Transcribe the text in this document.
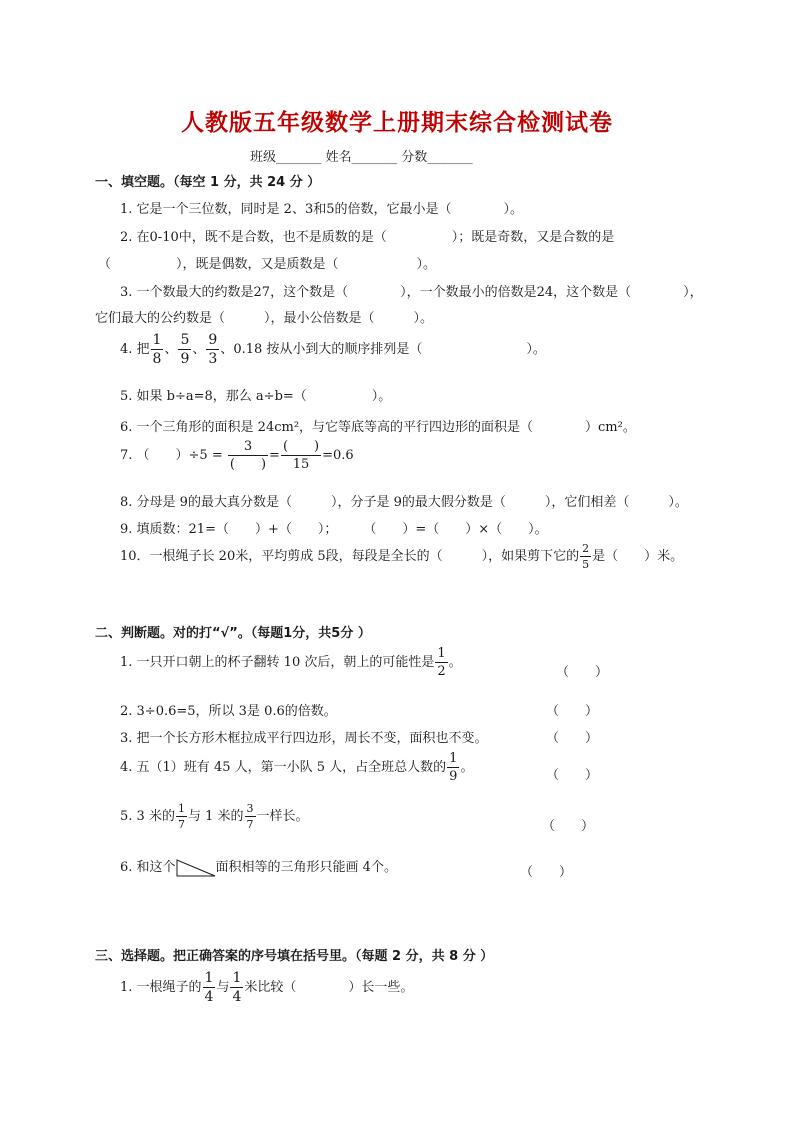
人教版五年级数学上册期末综合检测试卷
班级_______ 姓名_______ 分数_______
一、填空题。（每空 1 分，共 24 分 ）
1. 它是一个三位数，同时是 2、3和5的倍数，它最小是（　　　　）。
2. 在0-10中，既不是合数，也不是质数的是（　　　　　）；既是奇数，又是合数的是
（　　　　　），既是偶数，又是质数是（　　　　　　）。
3. 一个数最大的约数是27，这个数是（　　　　），一个数最小的倍数是24，这个数是（　　　　），
它们最大的公约数是（　　　），最小公倍数是（　　　）。
4. 把 $\frac{1}{8}$ 、 $\frac{5}{9}$ 、 $\frac{9}{3}$ 、0.18 按从小到大的顺序排列是（　　　　　　　　）。
5. 如果 b÷a=8，那么 a÷b=（　　　　　）。
6. 一个三角形的面积是 24cm²，与它等底等高的平行四边形的面积是（　　　　）cm²。
7. （　　）$\div 5 = \frac{3}{( )} = \frac{( )}{15} =0.6$
8. 分母是 9的最大真分数是（　　　），分子是 9的最大假分数是（　　　），它们相差（　　　）。
9. 填质数：21=（　　）+（　　）；　　　（　　）=（　　）×（　　）。
10．一根绳子长 20米，平均剪成 5段，每段是全长的（　　　），如果剪下它的 $\frac{2}{5}$ 是（　　）米。
二、判断题。对的打“√”。（每题1分，共5分 ）
1. 一只开口朝上的杯子翻转 10 次后，朝上的可能性是 $\frac{1}{2}$ 。
（　　）
2. 3÷0.6=5，所以 3是 0.6的倍数。	（　　）
3. 把一个长方形木框拉成平行四边形，周长不变，面积也不变。	（　　）
4. 五（1）班有 45 人，第一小队 5 人，占全班总人数的 $\frac{1}{9}$ 。
（　　）
5. 3 米的 $\frac{1}{7}$ 与 1 米的 $\frac{3}{7}$ 一样长。
（　　）
6. 和这个	面积相等的三角形只能画 4个。	（　　）
三、选择题。把正确答案的序号填在括号里。（每题 2 分，共 8 分 ）
1. 一根绳子的 $\frac{1}{4}$ 与 $\frac{1}{4}$ 米比较（　　　　）长一些。
